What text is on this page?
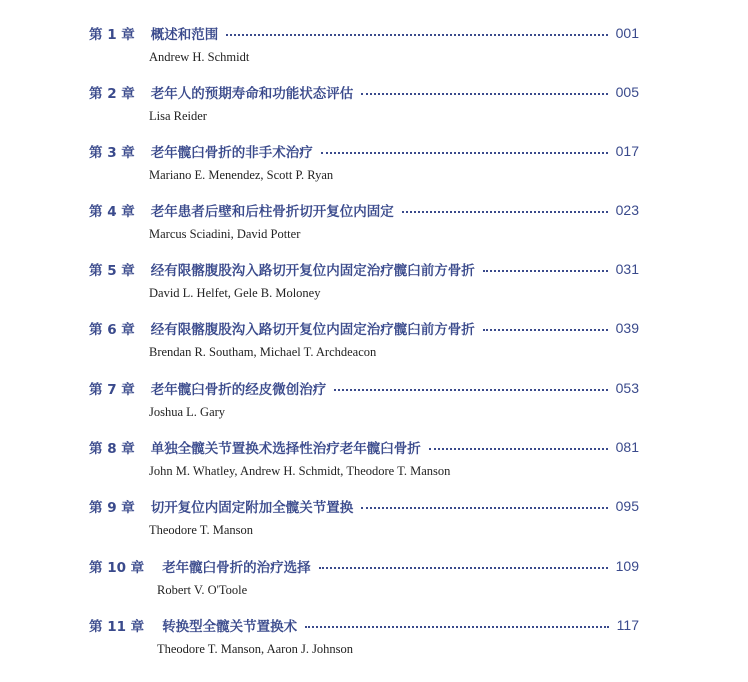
第 1 章 概述和范围	001
Andrew H. Schmidt
第 2 章 老年人的预期寿命和功能状态评估	005
Lisa Reider
第 3 章 老年髋臼骨折的非手术治疗	017
Mariano E. Menendez, Scott P. Ryan
第 4 章 老年患者后壁和后柱骨折切开复位内固定	023
Marcus Sciadini, David Potter
第 5 章 经有限髂腹股沟入路切开复位内固定治疗髋臼前方骨折	031
David L. Helfet, Gele B. Moloney
第 6 章 经有限髂腹股沟入路切开复位内固定治疗髋臼前方骨折	039
Brendan R. Southam, Michael T. Archdeacon
第 7 章 老年髋臼骨折的经皮微创治疗	053
Joshua L. Gary
第 8 章 单独全髋关节置换术选择性治疗老年髋臼骨折	081
John M. Whatley, Andrew H. Schmidt, Theodore T. Manson
第 9 章 切开复位内固定附加全髋关节置换	095
Theodore T. Manson
第 10 章 老年髋臼骨折的治疗选择	109
Robert V. O'Toole
第 11 章 转换型全髋关节置换术	117
Theodore T. Manson, Aaron J. Johnson
